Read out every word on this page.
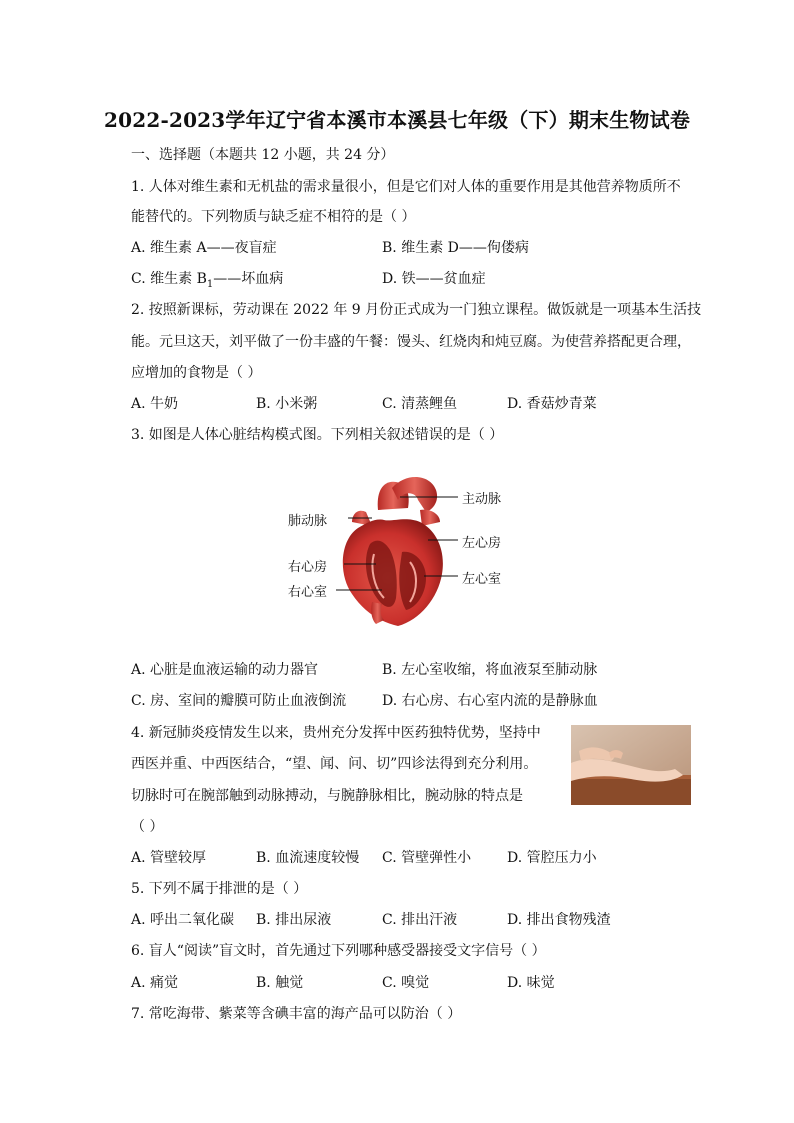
2022-2023学年辽宁省本溪市本溪县七年级（下）期末生物试卷
一、选择题（本题共 12 小题，共 24 分）
1. 人体对维生素和无机盐的需求量很小，但是它们对人体的重要作用是其他营养物质所不
能替代的。下列物质与缺乏症不相符的是（ ）
A. 维生素 A——夜盲症	B. 维生素 D——佝偻病
C. 维生素 $B_1——$坏血病	D. 铁——贫血症
2. 按照新课标，劳动课在 2022 年 9 月份正式成为一门独立课程。做饭就是一项基本生活技
能。元旦这天，刘平做了一份丰盛的午餐：馒头、红烧肉和炖豆腐。为使营养搭配更合理，
应增加的食物是（ ）
A. 牛奶	B. 小米粥	C. 清蒸鲤鱼	D. 香菇炒青菜
3. 如图是人体心脏结构模式图。下列相关叙述错误的是（ ）
主动脉
肺动脉
左心房
右心房
左心室
右心室
A. 心脏是血液运输的动力器官	B. 左心室收缩，将血液泵至肺动脉
C. 房、室间的瓣膜可防止血液倒流	D. 右心房、右心室内流的是静脉血
4. 新冠肺炎疫情发生以来，贵州充分发挥中医药独特优势，坚持中
西医并重、中西医结合，“望、闻、问、切”四诊法得到充分利用。
切脉时可在腕部触到动脉搏动，与腕静脉相比，腕动脉的特点是
（ ）
A. 管壁较厚	B. 血流速度较慢 C. 管壁弹性小	D. 管腔压力小
5. 下列不属于排泄的是（ ）
A. 呼出二氧化碳 B. 排出尿液	C. 排出汗液	D. 排出食物残渣
6. 盲人“阅读”盲文时，首先通过下列哪种感受器接受文字信号（ ）
A. 痛觉	B. 触觉	C. 嗅觉	D. 味觉
7. 常吃海带、紫菜等含碘丰富的海产品可以防治（ ）
